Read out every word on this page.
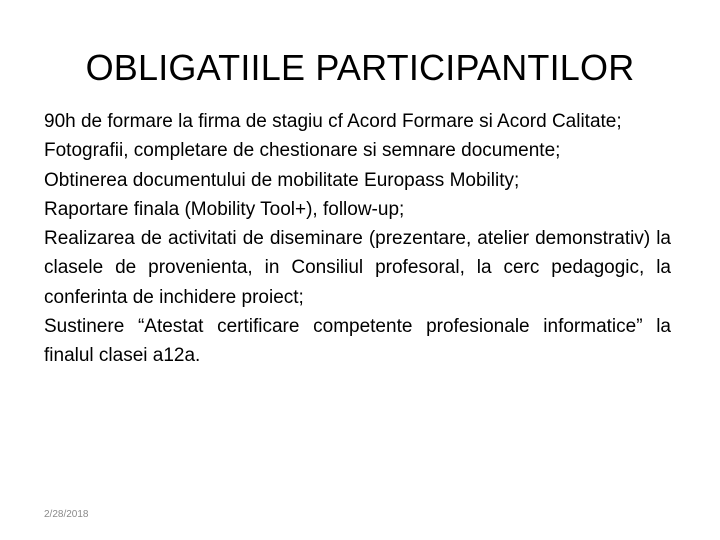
OBLIGATIILE PARTICIPANTILOR
90h de formare la firma de stagiu cf Acord Formare si Acord Calitate;
Fotografii, completare de chestionare si semnare documente;
Obtinerea documentului de mobilitate Europass Mobility;
Raportare finala (Mobility Tool+), follow-up;
Realizarea de activitati de diseminare (prezentare, atelier demonstrativ) la clasele de provenienta, in Consiliul profesoral, la cerc pedagogic, la conferinta de inchidere proiect;
Sustinere “Atestat certificare competente profesionale informatice” la finalul clasei a12a.
2/28/2018
